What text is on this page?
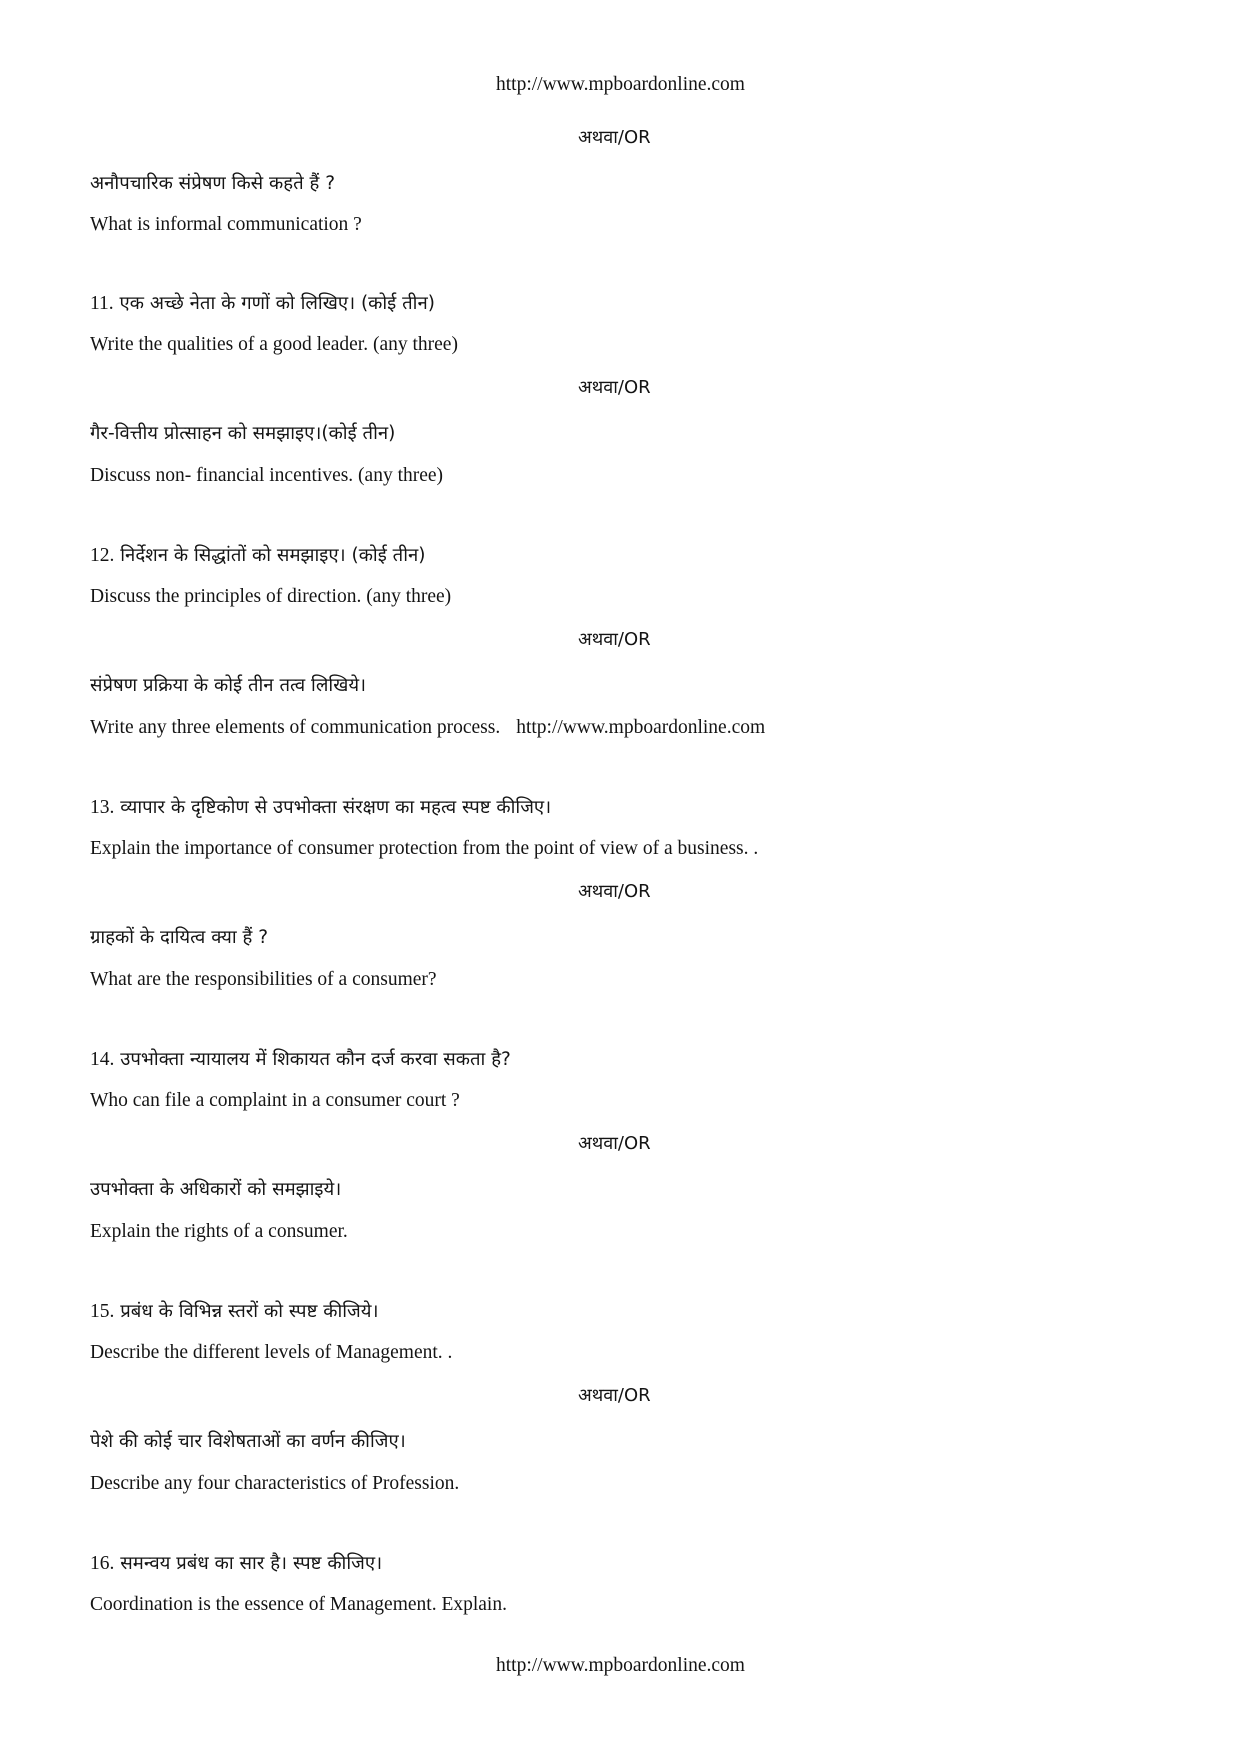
http://www.mpboardonline.com
अथवा/OR
अनौपचारिक संप्रेषण किसे कहते हैं ?
What is informal communication ?
11. एक अच्छे नेता के गणों को लिखिए। (कोई तीन)
Write the qualities of a good leader. (any three)
अथवा/OR
गैर-वित्तीय प्रोत्साहन को समझाइए।(कोई तीन)
Discuss non- financial incentives. (any three)
12. निर्देशन के सिद्धांतों को समझाइए। (कोई तीन)
Discuss the principles of direction. (any three)
अथवा/OR
संप्रेषण प्रक्रिया के कोई तीन तत्व लिखिये।
Write any three elements of communication process. http://www.mpboardonline.com
13. व्यापार के दृष्टिकोण से उपभोक्ता संरक्षण का महत्व स्पष्ट कीजिए।
Explain the importance of consumer protection from the point of view of a business. .
अथवा/OR
ग्राहकों के दायित्व क्या हैं ?
What are the responsibilities of a consumer?
14. उपभोक्ता न्यायालय में शिकायत कौन दर्ज करवा सकता है?
Who can file a complaint in a consumer court ?
अथवा/OR
उपभोक्ता के अधिकारों को समझाइये।
Explain the rights of a consumer.
15. प्रबंध के विभिन्न स्तरों को स्पष्ट कीजिये।
Describe the different levels of Management. .
अथवा/OR
पेशे की कोई चार विशेषताओं का वर्णन कीजिए।
Describe any four characteristics of Profession.
16. समन्वय प्रबंध का सार है। स्पष्ट कीजिए।
Coordination is the essence of Management. Explain.
http://www.mpboardonline.com
